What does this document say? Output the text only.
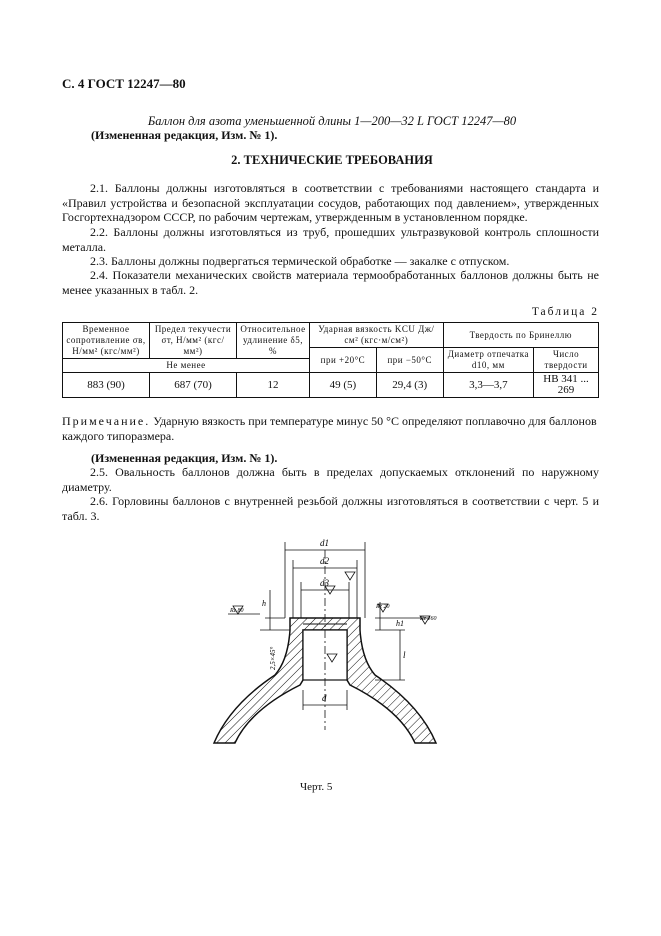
С. 4 ГОСТ 12247—80
Баллон для азота уменьшенной длины 1—200—32 L ГОСТ 12247—80
(Измененная редакция, Изм. № 1).
2. ТЕХНИЧЕСКИЕ ТРЕБОВАНИЯ
2.1. Баллоны должны изготовляться в соответствии с требованиями настоящего стандарта и «Правил устройства и безопасной эксплуатации сосудов, работающих под давлением», утвержденных Госгортехнадзором СССР, по рабочим чертежам, утвержденным в установленном порядке.
2.2. Баллоны должны изготовляться из труб, прошедших ультразвуковой контроль сплошности металла.
2.3. Баллоны должны подвергаться термической обработке — закалке с отпуском.
2.4. Показатели механических свойств материала термообработанных баллонов должны быть не менее указанных в табл. 2.
Таблица 2
Временное сопротивление σв, Н/мм² (кгс/мм²)	Предел текучести σт, Н/мм² (кгс/мм²)	Относительное удлинение δ5, %	Ударная вязкость KCU Дж/см² (кгс·м/см²)		Твердость по Бринеллю	
			при +20°С	при −50°С	Диаметр отпечатка d10, мм	Число твердости
Не менее						
883 (90)	687 (70)	12	49 (5)	29,4 (3)	3,3—3,7	НВ 341 ... 269
Примечание. Ударную вязкость при температуре минус 50 °С определяют поплавочно для баллонов каждого типоразмера.
(Измененная редакция, Изм. № 1).
2.5. Овальность баллонов должна быть в пределах допускаемых отклонений по наружному диаметру.
2.6. Горловины баллонов с внутренней резьбой должны изготовляться в соответствии с черт. 5 и табл. 3.
d1
d2
d3
d
h
h1
l
2,5×45°
Rz 80
Rz 20
Rz 160
Черт. 5
